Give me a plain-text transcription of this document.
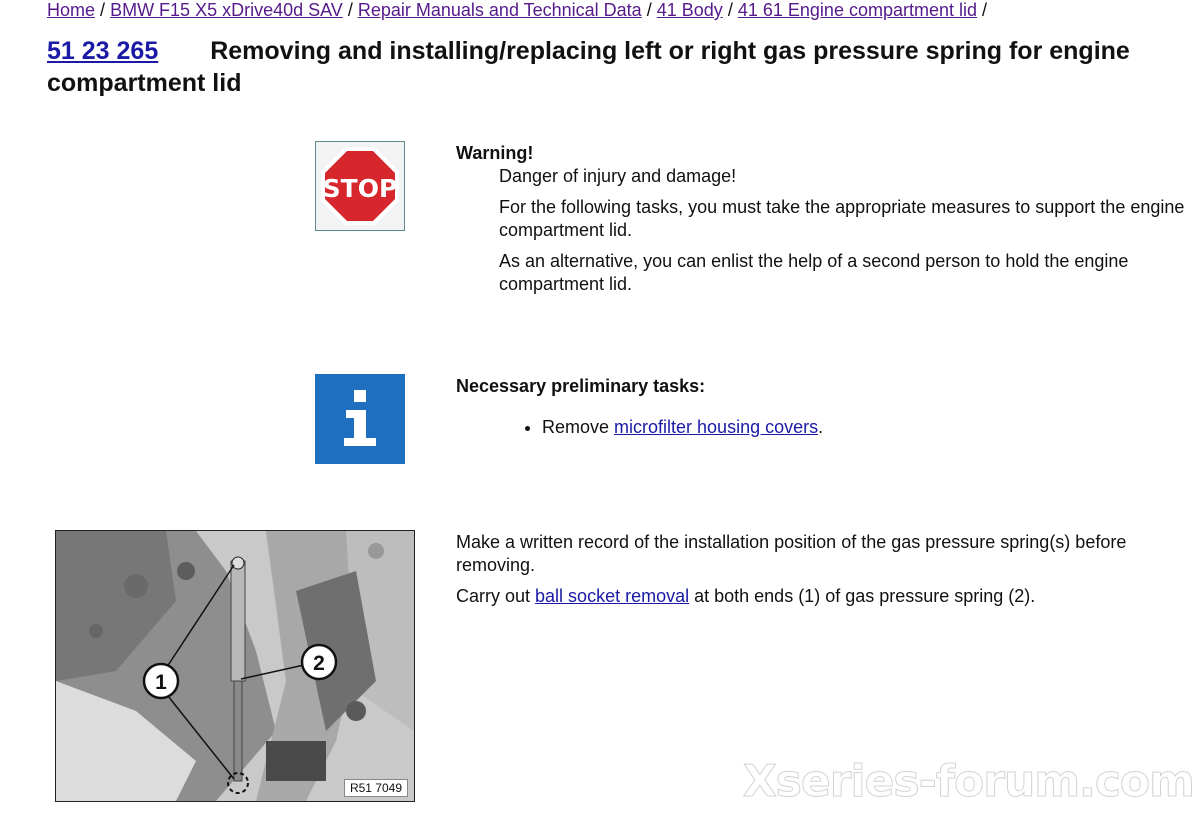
Home / BMW F15 X5 xDrive40d SAV / Repair Manuals and Technical Data / 41 Body / 41 61 Engine compartment lid /
51 23 265 Removing and installing/replacing left or right gas pressure spring for engine compartment lid
STOP
Warning!

Danger of injury and damage!

For the following tasks, you must take the appropriate measures to support the engine compartment lid.

As an alternative, you can enlist the help of a second person to hold the engine compartment lid.

Necessary preliminary tasks:
• Remove microfilter housing covers.
1
2
R51 7049

Make a written record of the installation position of the gas pressure spring(s) before removing.

Carry out ball socket removal at both ends (1) of gas pressure spring (2).

Xseries-forum.com
